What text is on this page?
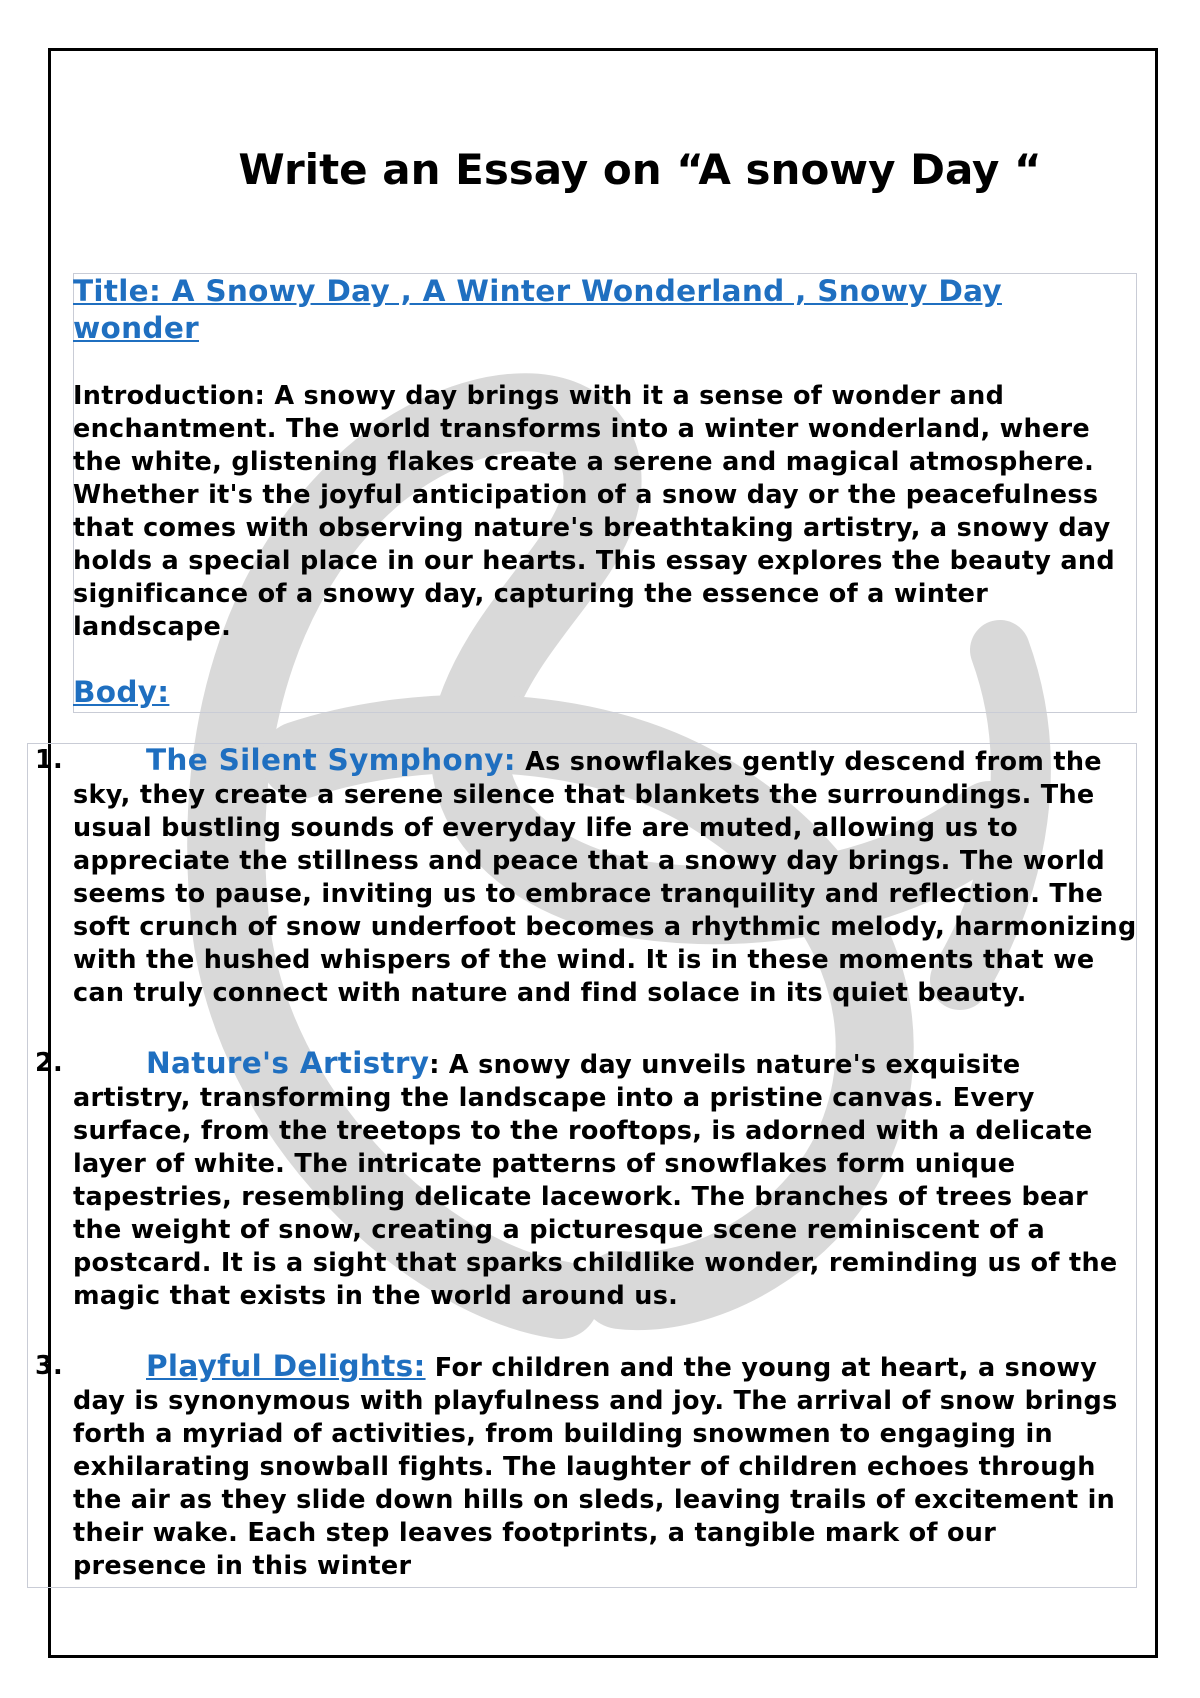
Write an Essay on “A snowy Day “
Title: A Snowy Day , A Winter Wonderland , Snowy Day wonder
Introduction: A snowy day brings with it a sense of wonder and enchantment. The world transforms into a winter wonderland, where the white, glistening flakes create a serene and magical atmosphere. Whether it's the joyful anticipation of a snow day or the peacefulness that comes with observing nature's breathtaking artistry, a snowy day holds a special place in our hearts. This essay explores the beauty and significance of a snowy day, capturing the essence of a winter landscape.
Body:
1.	The Silent Symphony: As snowflakes gently descend from the sky, they create a serene silence that blankets the surroundings. The usual bustling sounds of everyday life are muted, allowing us to appreciate the stillness and peace that a snowy day brings. The world seems to pause, inviting us to embrace tranquility and reflection. The soft crunch of snow underfoot becomes a rhythmic melody, harmonizing with the hushed whispers of the wind. It is in these moments that we can truly connect with nature and find solace in its quiet beauty.
2.	Nature's Artistry: A snowy day unveils nature's exquisite artistry, transforming the landscape into a pristine canvas. Every surface, from the treetops to the rooftops, is adorned with a delicate layer of white. The intricate patterns of snowflakes form unique tapestries, resembling delicate lacework. The branches of trees bear the weight of snow, creating a picturesque scene reminiscent of a postcard. It is a sight that sparks childlike wonder, reminding us of the magic that exists in the world around us.
3.	Playful Delights: For children and the young at heart, a snowy day is synonymous with playfulness and joy. The arrival of snow brings forth a myriad of activities, from building snowmen to engaging in exhilarating snowball fights. The laughter of children echoes through the air as they slide down hills on sleds, leaving trails of excitement in their wake. Each step leaves footprints, a tangible mark of our presence in this winter
